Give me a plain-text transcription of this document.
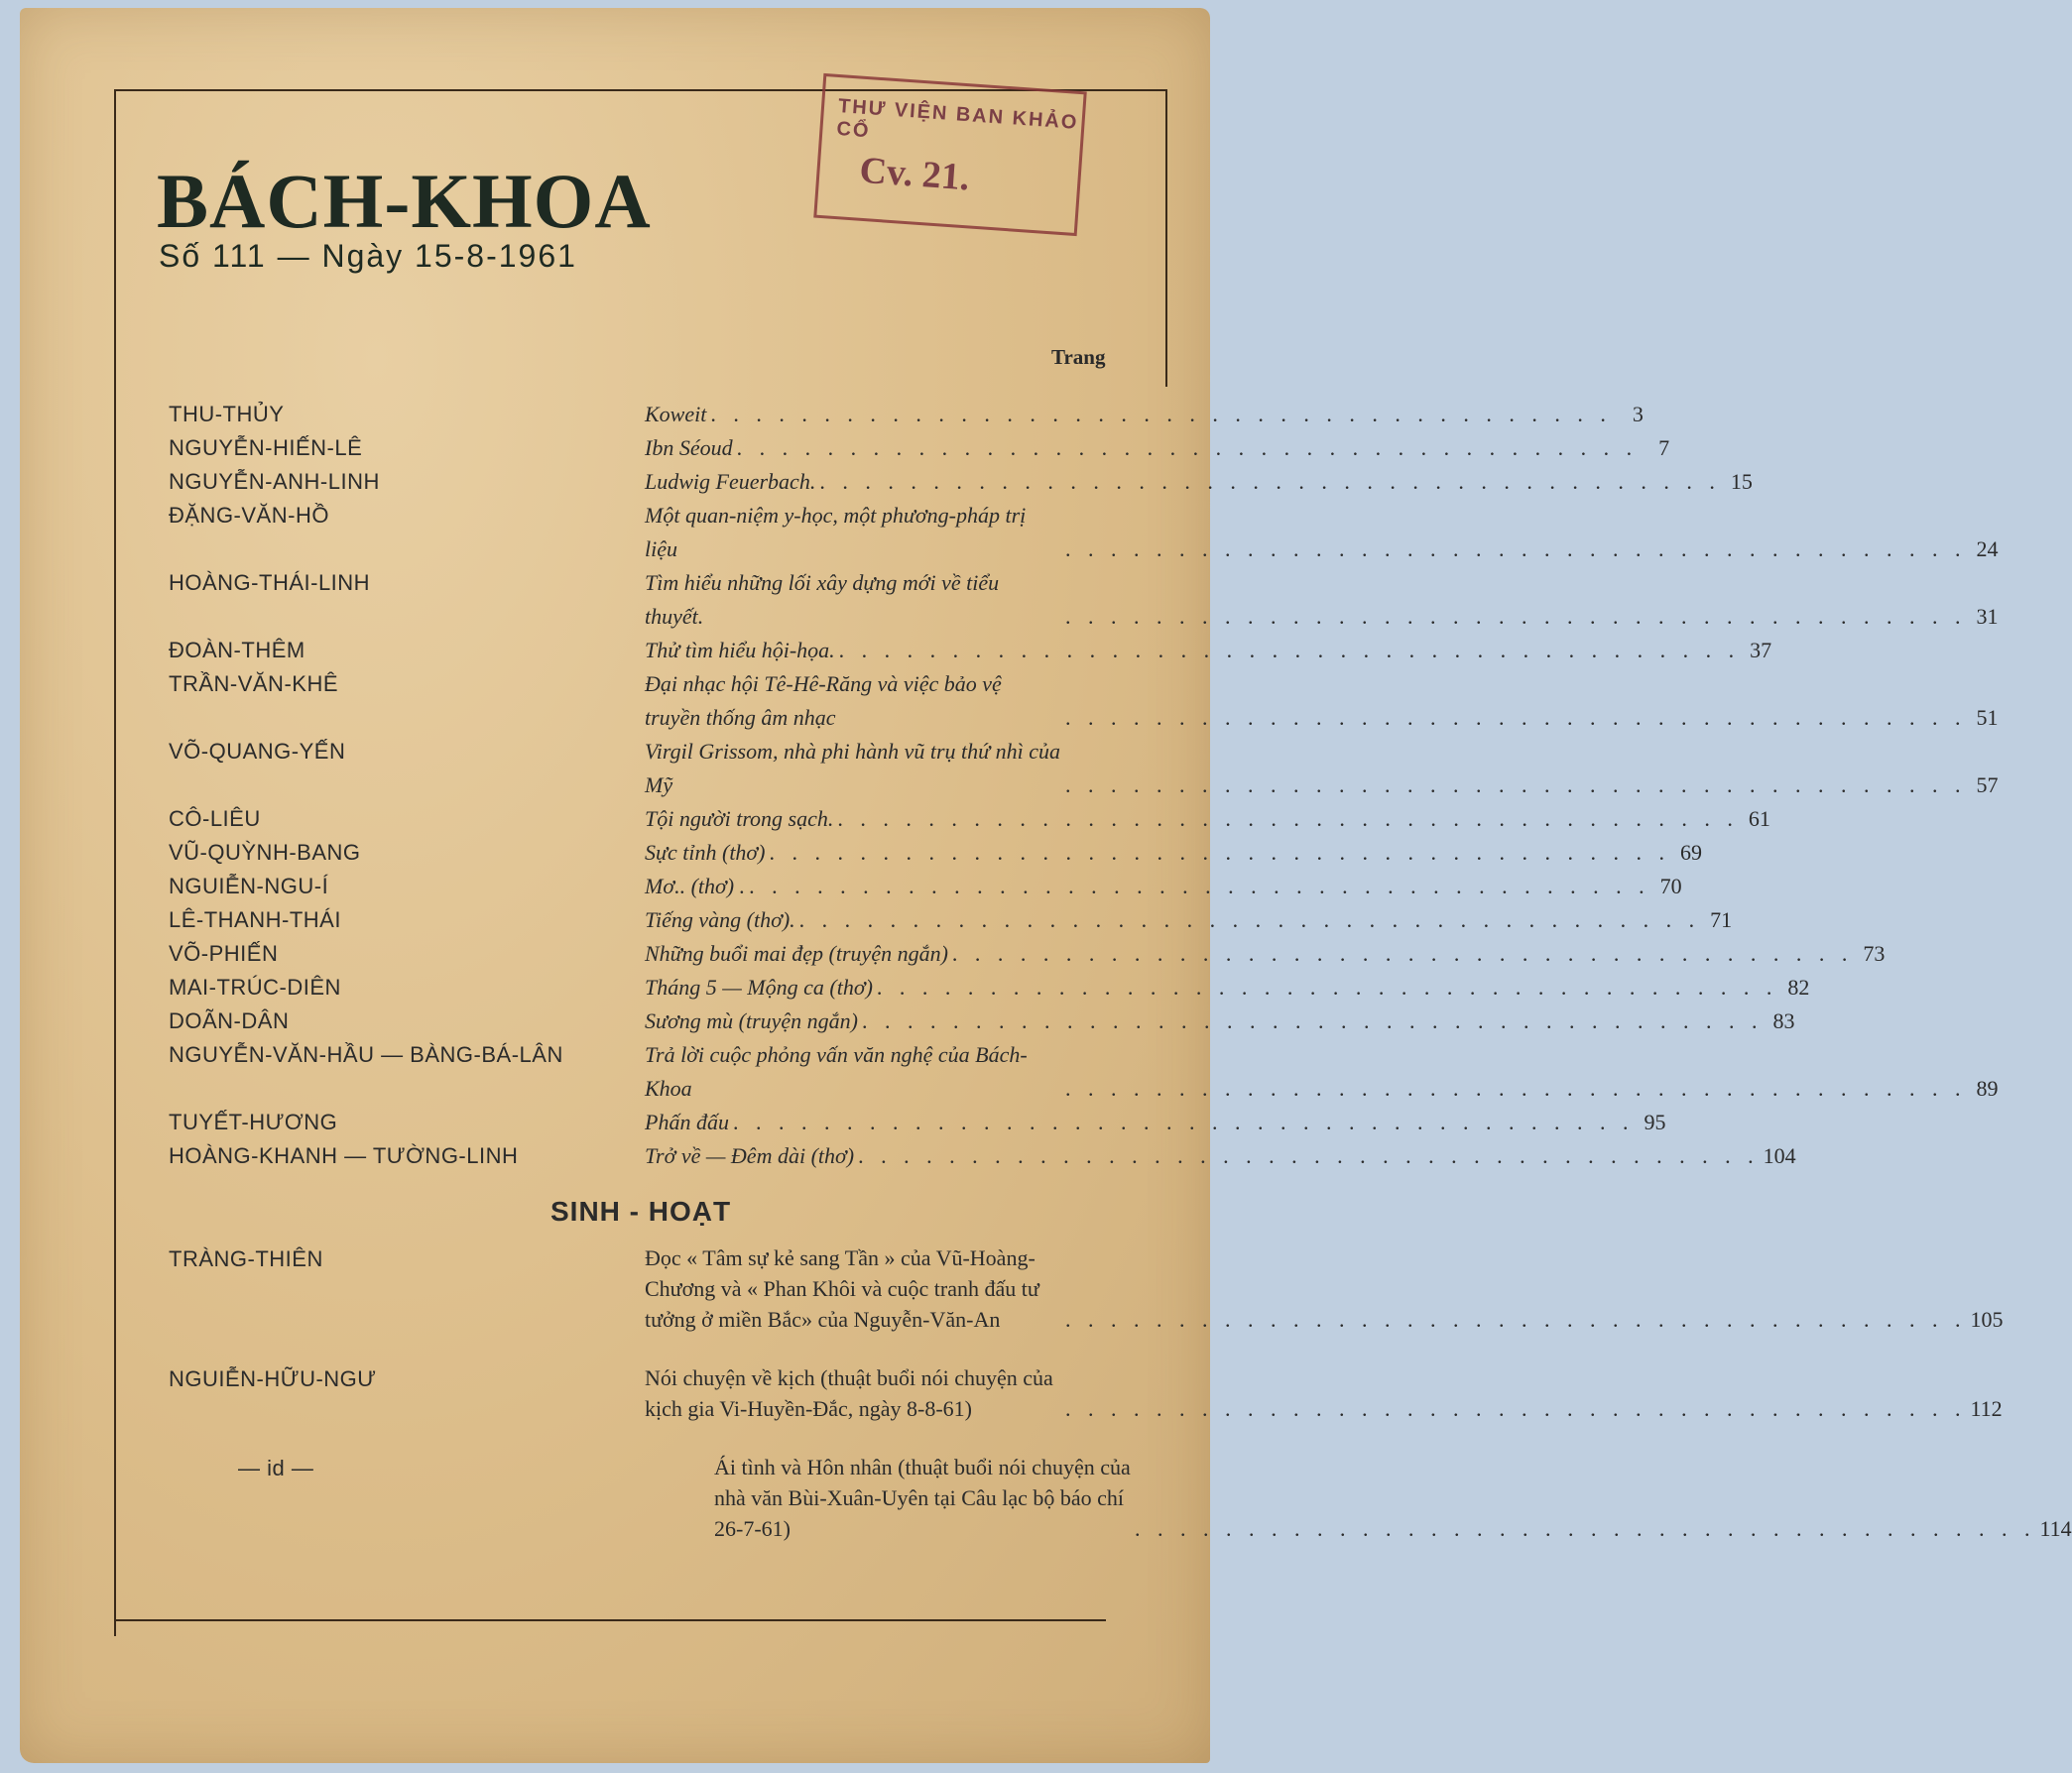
THƯ VIỆN BAN KHẢO CỔ
Cv. 21.
BÁCH-KHOA
Số 111 — Ngày 15-8-1961
Trang
THU-THỦY	Koweit . . . . . . . . . . . . . . . . . . . . . . . . . . . . . . . . . . . . . . . . 3
NGUYỄN-HIẾN-LÊ	Ibn Séoud . . . . . . . . . . . . . . . . . . . . . . . . . . . . . . . . . . . . . . . . 7
NGUYỄN-ANH-LINH	Ludwig Feuerbach. . . . . . . . . . . . . . . . . . . . . . . . . . . . . . . . . . . . . . . . . 15
ĐẶNG-VĂN-HỒ	Một quan-niệm y-học, một phương-pháp trị liệu	. . . . . . . . . . . . . . . . . . . . . . . . . . . . . . . . . . . . . . . . 24
HOÀNG-THÁI-LINH	Tìm hiểu những lối xây dựng mới về tiểu thuyết.	. . . . . . . . . . . . . . . . . . . . . . . . . . . . . . . . . . . . . . . . 31
ĐOÀN-THÊM	Thử tìm hiểu hội-họa. . . . . . . . . . . . . . . . . . . . . . . . . . . . . . . . . . . . . . . . . 37
TRẦN-VĂN-KHÊ	Đại nhạc hội Tê-Hê-Răng và việc bảo vệ truyền thống âm nhạc	. . . . . . . . . . . . . . . . . . . . . . . . . . . . . . . . . . . . . . . . 51
VÕ-QUANG-YẾN	Virgil Grissom, nhà phi hành vũ trụ thứ nhì của Mỹ	. . . . . . . . . . . . . . . . . . . . . . . . . . . . . . . . . . . . . . . . 57
CÔ-LIÊU	Tội người trong sạch. . . . . . . . . . . . . . . . . . . . . . . . . . . . . . . . . . . . . . . . . 61
VŨ-QUỲNH-BANG	Sực tỉnh (thơ) . . . . . . . . . . . . . . . . . . . . . . . . . . . . . . . . . . . . . . . . 69
NGUIỄN-NGU-Í	Mơ.. (thơ) . . . . . . . . . . . . . . . . . . . . . . . . . . . . . . . . . . . . . . . . . 70
LÊ-THANH-THÁI	Tiếng vàng (thơ). . . . . . . . . . . . . . . . . . . . . . . . . . . . . . . . . . . . . . . . . 71
VÕ-PHIẾN	Những buổi mai đẹp (truyện ngắn) . . . . . . . . . . . . . . . . . . . . . . . . . . . . . . . . . . . . . . . . 73
MAI-TRÚC-DIÊN	Tháng 5 — Mộng ca (thơ) . . . . . . . . . . . . . . . . . . . . . . . . . . . . . . . . . . . . . . . . 82
DOÃN-DÂN	Sương mù (truyện ngắn) . . . . . . . . . . . . . . . . . . . . . . . . . . . . . . . . . . . . . . . . 83
NGUYỄN-VĂN-HẦU — BÀNG-BÁ-LÂN	Trả lời cuộc phỏng vấn văn nghệ của Bách-Khoa	. . . . . . . . . . . . . . . . . . . . . . . . . . . . . . . . . . . . . . . . 89
TUYẾT-HƯƠNG	Phấn đấu . . . . . . . . . . . . . . . . . . . . . . . . . . . . . . . . . . . . . . . . 95
HOÀNG-KHANH — TƯỜNG-LINH	Trở về — Đêm dài (thơ) . . . . . . . . . . . . . . . . . . . . . . . . . . . . . . . . . . . . . . . . 104
SINH - HOẠT
TRÀNG-THIÊN	Đọc « Tâm sự kẻ sang Tần » của Vũ-Hoàng-Chương và « Phan Khôi và cuộc tranh đấu tư tưởng ở miền Bắc» của Nguyễn-Văn-An	. . . . . . . . . . . . . . . . . . . . . . . . . . . . . . . . . . . . . . . . 105
NGUIỄN-HỮU-NGƯ	Nói chuyện về kịch (thuật buổi nói chuyện của kịch gia Vi-Huyền-Đắc, ngày 8-8-61)	. . . . . . . . . . . . . . . . . . . . . . . . . . . . . . . . . . . . . . . . 112
— id —	Ái tình và Hôn nhân (thuật buổi nói chuyện của nhà văn Bùi-Xuân-Uyên tại Câu lạc bộ báo chí 26-7-61)	. . . . . . . . . . . . . . . . . . . . . . . . . . . . . . . . . . . . . . . . 114
